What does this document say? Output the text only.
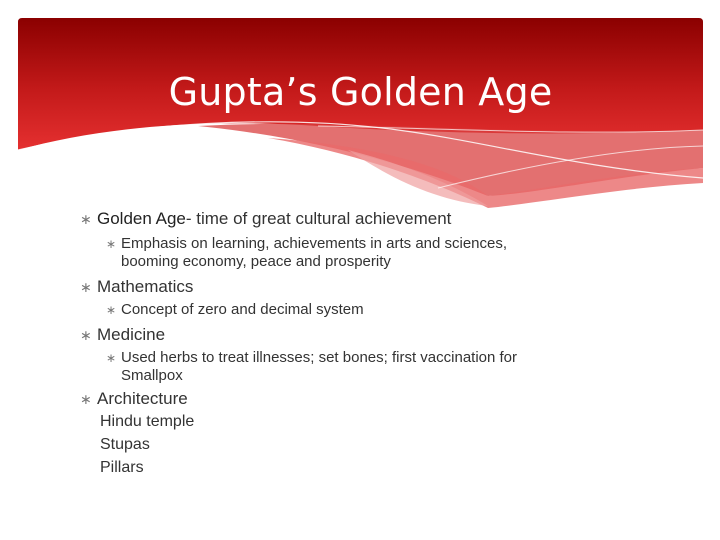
Gupta’s Golden Age

∗ Golden Age- time of great cultural achievement

∗ Emphasis on learning, achievements in arts and sciences,
booming economy, peace and prosperity

∗ Mathematics

∗ Concept of zero and decimal system

∗ Medicine

∗ Used herbs to treat illnesses; set bones; first vaccination for
Smallpox

∗ Architecture

Hindu temple

Stupas

Pillars
